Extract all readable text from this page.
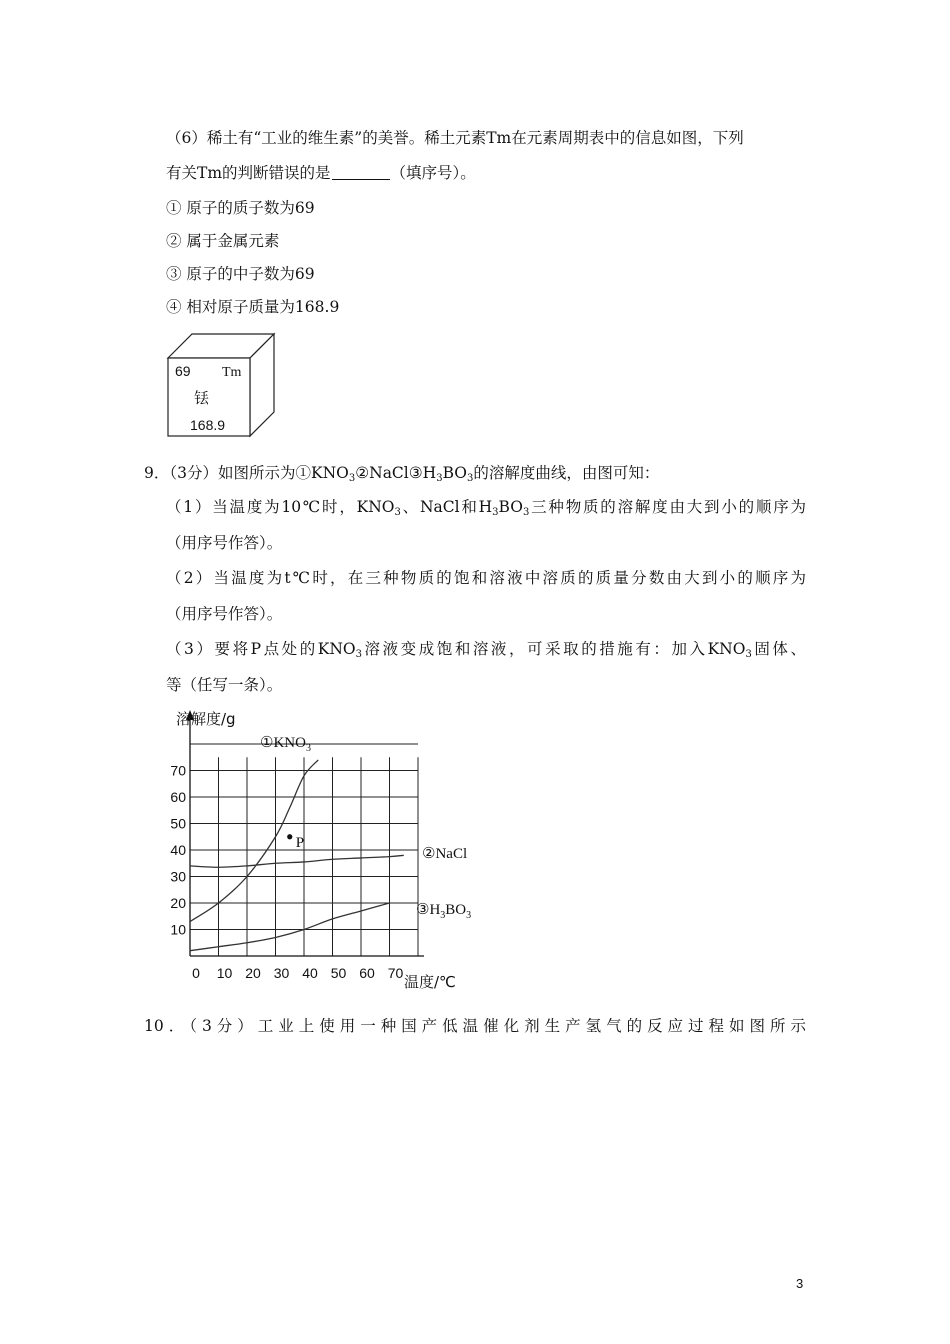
（6）稀土有“工业的维生素”的美誉。稀土元素Tm在元素周期表中的信息如图，下列
有关Tm的判断错误的是	（填序号）。
① 原子的质子数为69
② 属于金属元素
③ 原子的中子数为69
④ 相对原子质量为168.9
69 Tm
铥
168.9
9．（3分）如图所示为$①KNO_3②NaCl③H_3BO_3$的溶解度曲线，由图可知：
（1）当温度为10℃时，$KNO_3$、NaCl和$H_3BO_3$三种物质的溶解度由大到小的顺序为
（用序号作答）。
（2）当温度为t℃时，在三种物质的饱和溶液中溶质的质量分数由大到小的顺序为
（用序号作答）。
（3）要将P点处的$KNO_3$溶液变成饱和溶液，可采取的措施有：加入$KNO_3$固体、
等（任写一条）。
10
20
30
40
50
60
70
0 10 20 30 40 50 60 70
溶解度/g
温度/℃
$①KNO_3$
②NaCl
$③H_3BO_3$
P
10．（3分）工业上使用一种国产低温催化剂生产氢气的反应过程如图所示
3
